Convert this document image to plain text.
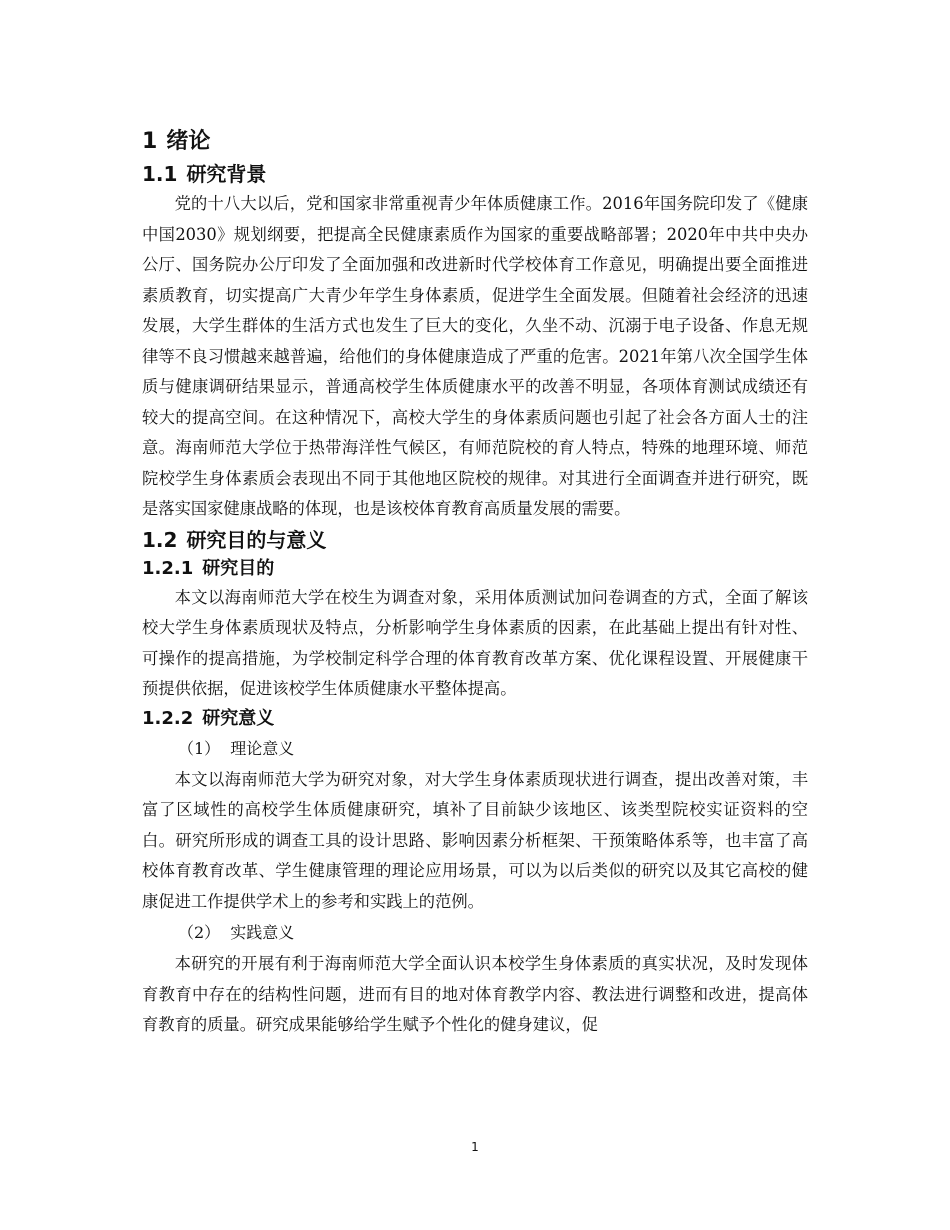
1 绪论
1.1 研究背景

党的十八大以后，党和国家非常重视青少年体质健康工作。2016年国务院印发了《健康中国2030》规划纲要，把提高全民健康素质作为国家的重要战略部署；2020年中共中央办公厅、国务院办公厅印发了全面加强和改进新时代学校体育工作意见，明确提出要全面推进素质教育，切实提高广大青少年学生身体素质，促进学生全面发展。但随着社会经济的迅速发展，大学生群体的生活方式也发生了巨大的变化，久坐不动、沉溺于电子设备、作息无规律等不良习惯越来越普遍，给他们的身体健康造成了严重的危害。2021年第八次全国学生体质与健康调研结果显示，普通高校学生体质健康水平的改善不明显，各项体育测试成绩还有较大的提高空间。在这种情况下，高校大学生的身体素质问题也引起了社会各方面人士的注意。海南师范大学位于热带海洋性气候区，有师范院校的育人特点，特殊的地理环境、师范院校学生身体素质会表现出不同于其他地区院校的规律。对其进行全面调查并进行研究，既是落实国家健康战略的体现，也是该校体育教育高质量发展的需要。

1.2 研究目的与意义
1.2.1 研究目的

本文以海南师范大学在校生为调查对象，采用体质测试加问卷调查的方式，全面了解该校大学生身体素质现状及特点，分析影响学生身体素质的因素，在此基础上提出有针对性、可操作的提高措施，为学校制定科学合理的体育教育改革方案、优化课程设置、开展健康干预提供依据，促进该校学生体质健康水平整体提高。

1.2.2 研究意义

（1） 理论意义

本文以海南师范大学为研究对象，对大学生身体素质现状进行调查，提出改善对策，丰富了区域性的高校学生体质健康研究，填补了目前缺少该地区、该类型院校实证资料的空白。研究所形成的调查工具的设计思路、影响因素分析框架、干预策略体系等，也丰富了高校体育教育改革、学生健康管理的理论应用场景，可以为以后类似的研究以及其它高校的健康促进工作提供学术上的参考和实践上的范例。

（2） 实践意义

本研究的开展有利于海南师范大学全面认识本校学生身体素质的真实状况，及时发现体育教育中存在的结构性问题，进而有目的地对体育教学内容、教法进行调整和改进，提高体育教育的质量。研究成果能够给学生赋予个性化的健身建议，促

1
